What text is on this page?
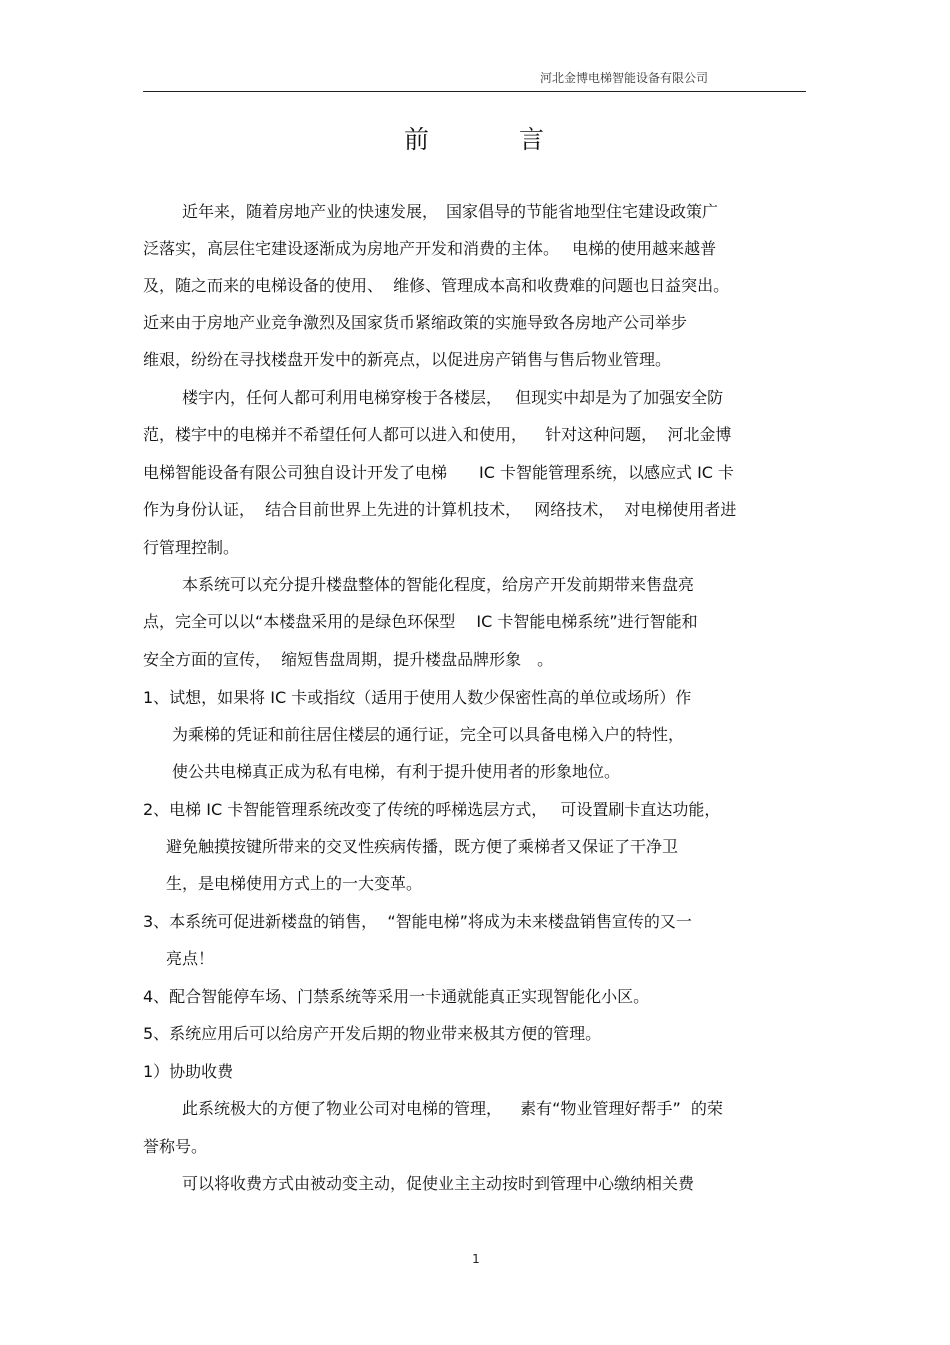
河北金博电梯智能设备有限公司
前言
近年来，随着房地产业的快速发展，　国家倡导的节能省地型住宅建设政策广
泛落实，高层住宅建设逐渐成为房地产开发和消费的主体。　 电梯的使用越来越普
及，随之而来的电梯设备的使用、  维修、管理成本高和收费难的问题也日益突出。
近来由于房地产业竞争激烈及国家货币紧缩政策的实施导致各房地产公司举步
维艰，纷纷在寻找楼盘开发中的新亮点，以促进房产销售与售后物业管理。
楼宇内，任何人都可利用电梯穿梭于各楼层，　 但现实中却是为了加强安全防
范，楼宇中的电梯并不希望任何人都可以进入和使用，　  针对这种问题，  河北金博
电梯智能设备有限公司独自设计开发了电梯　　IC 卡智能管理系统，以感应式 IC 卡
作为身份认证，  结合目前世界上先进的计算机技术，　 网络技术，  对电梯使用者进
行管理控制。
本系统可以充分提升楼盘整体的智能化程度，给房产开发前期带来售盘亮
点，完全可以以“本楼盘采用的是绿色环保型　 IC 卡智能电梯系统”进行智能和
安全方面的宣传，  缩短售盘周期，提升楼盘品牌形象　。
1、试想，如果将 IC 卡或指纹（适用于使用人数少保密性高的单位或场所）作
为乘梯的凭证和前往居住楼层的通行证，完全可以具备电梯入户的特性，
使公共电梯真正成为私有电梯，有利于提升使用者的形象地位。
2、电梯 IC 卡智能管理系统改变了传统的呼梯选层方式，　 可设置刷卡直达功能，
避免触摸按键所带来的交叉性疾病传播，既方便了乘梯者又保证了干净卫
生，是电梯使用方式上的一大变革。
3、本系统可促进新楼盘的销售，  “智能电梯”将成为未来楼盘销售宣传的又一
亮点！
4、配合智能停车场、门禁系统等采用一卡通就能真正实现智能化小区。
5、系统应用后可以给房产开发后期的物业带来极其方便的管理。
1）协助收费
此系统极大的方便了物业公司对电梯的管理，　  素有“物业管理好帮手”  的荣
誉称号。
可以将收费方式由被动变主动，促使业主主动按时到管理中心缴纳相关费
1
